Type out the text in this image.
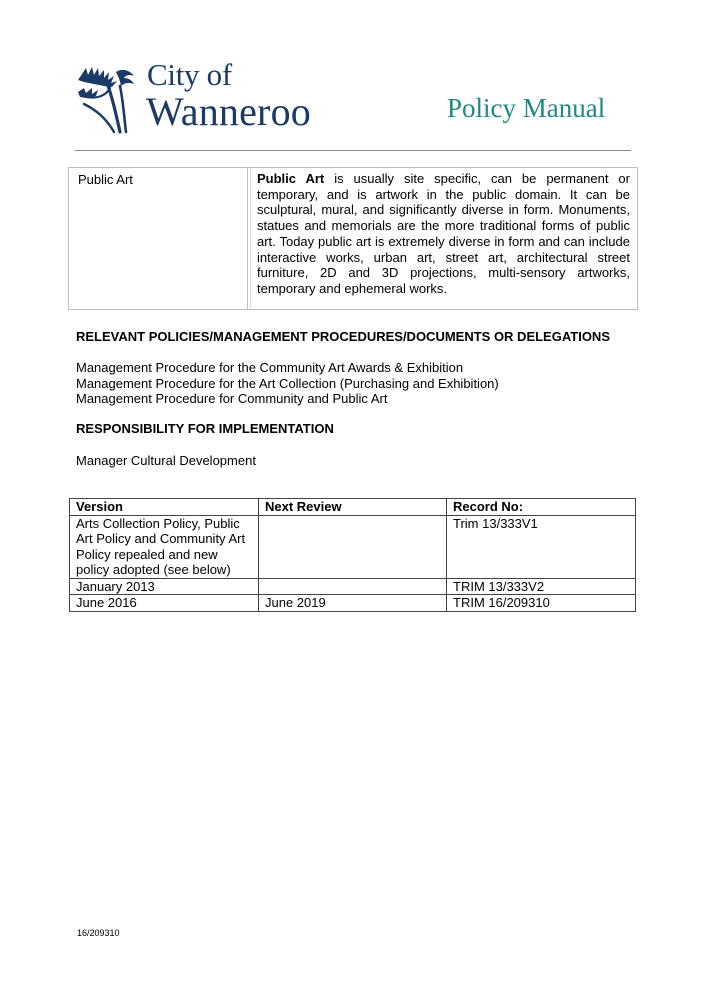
City of
Wanneroo	Policy Manual
Public Art	Public Art is usually site specific, can be permanent or temporary, and is artwork in the public domain. It can be sculptural, mural, and significantly diverse in form. Monuments, statues and memorials are the more traditional forms of public art. Today public art is extremely diverse in form and can include interactive works, urban art, street art, architectural street furniture, 2D and 3D projections, multi-sensory artworks, temporary and ephemeral works.
RELEVANT POLICIES/MANAGEMENT PROCEDURES/DOCUMENTS OR DELEGATIONS
Management Procedure for the Community Art Awards & Exhibition
Management Procedure for the Art Collection (Purchasing and Exhibition)
Management Procedure for Community and Public Art
RESPONSIBILITY FOR IMPLEMENTATION
Manager Cultural Development
Version	Next Review	Record No:
Arts Collection Policy, Public Art Policy and Community Art Policy repealed and new policy adopted (see below)		Trim 13/333V1
January 2013		TRIM 13/333V2
June 2016	June 2019	TRIM 16/209310
16/209310
